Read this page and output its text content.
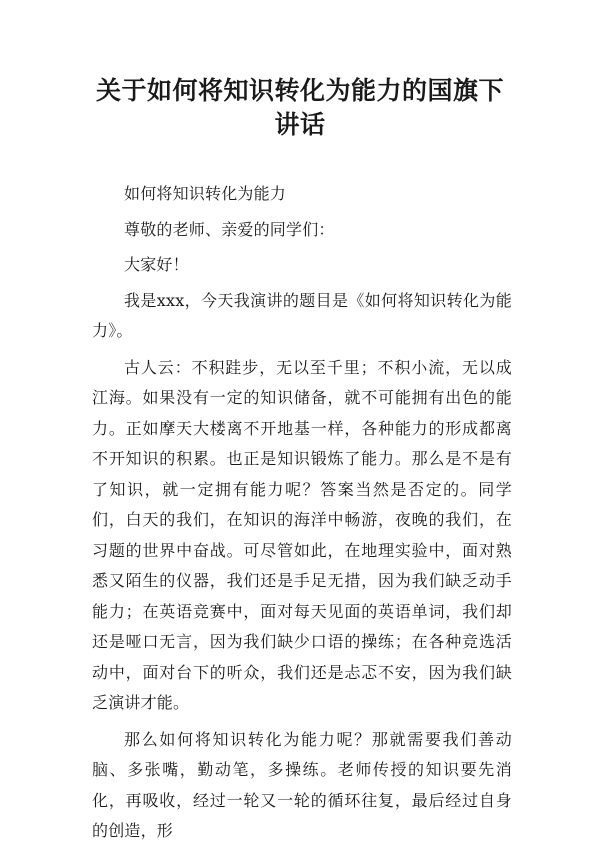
关于如何将知识转化为能力的国旗下讲话

如何将知识转化为能力

尊敬的老师、亲爱的同学们：

大家好！

我是xxx，今天我演讲的题目是《如何将知识转化为能力》。

古人云：不积跬步，无以至千里；不积小流，无以成江海。如果没有一定的知识储备，就不可能拥有出色的能力。正如摩天大楼离不开地基一样，各种能力的形成都离不开知识的积累。也正是知识锻炼了能力。那么是不是有了知识，就一定拥有能力呢？答案当然是否定的。同学们，白天的我们，在知识的海洋中畅游，夜晚的我们，在习题的世界中奋战。可尽管如此，在地理实验中，面对熟悉又陌生的仪器，我们还是手足无措，因为我们缺乏动手能力；在英语竞赛中，面对每天见面的英语单词，我们却还是哑口无言，因为我们缺少口语的操练；在各种竞选活动中，面对台下的听众，我们还是忐忑不安，因为我们缺乏演讲才能。

那么如何将知识转化为能力呢？那就需要我们善动脑、多张嘴，勤动笔，多操练。老师传授的知识要先消化，再吸收，经过一轮又一轮的循环往复，最后经过自身的创造，形
